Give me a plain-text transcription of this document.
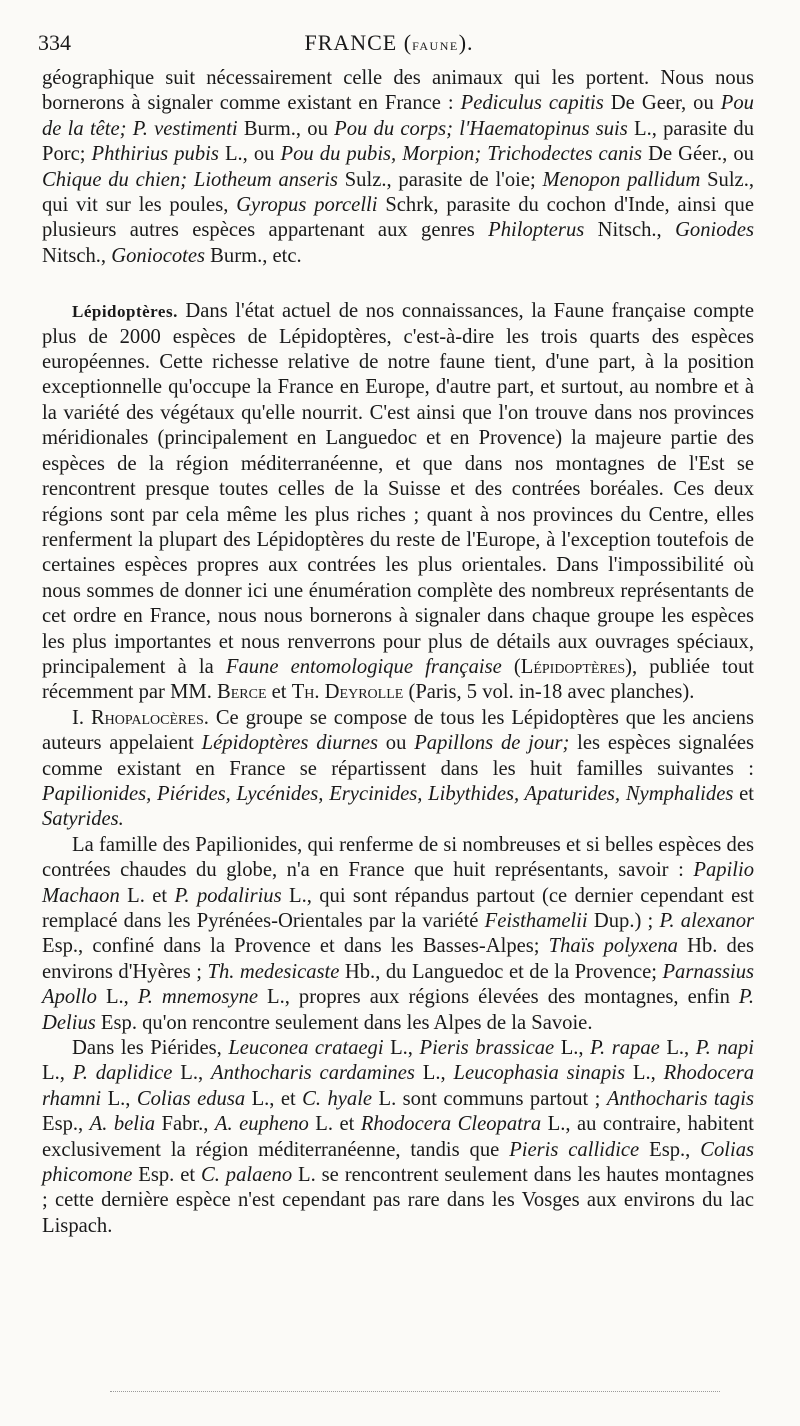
334	FRANCE (faune).

géographique suit nécessairement celle des animaux qui les portent. Nous nous bornerons à signaler comme existant en France : Pediculus capitis De Geer, ou Pou de la tête; P. vestimenti Burm., ou Pou du corps; l'Haematopinus suis L., parasite du Porc; Phthirius pubis L., ou Pou du pubis, Morpion; Trichodectes canis De Géer., ou Chique du chien; Liotheum anseris Sulz., parasite de l'oie; Menopon pallidum Sulz., qui vit sur les poules, Gyropus porcelli Schrk, parasite du cochon d'Inde, ainsi que plusieurs autres espèces appartenant aux genres Philopterus Nitsch., Goniodes Nitsch., Goniocotes Burm., etc.

Lépidoptères. Dans l'état actuel de nos connaissances, la Faune française compte plus de 2000 espèces de Lépidoptères, c'est-à-dire les trois quarts des espèces européennes. Cette richesse relative de notre faune tient, d'une part, à la position exceptionnelle qu'occupe la France en Europe, d'autre part, et surtout, au nombre et à la variété des végétaux qu'elle nourrit. C'est ainsi que l'on trouve dans nos provinces méridionales (principalement en Languedoc et en Provence) la majeure partie des espèces de la région méditerranéenne, et que dans nos montagnes de l'Est se rencontrent presque toutes celles de la Suisse et des contrées boréales. Ces deux régions sont par cela même les plus riches ; quant à nos provinces du Centre, elles renferment la plupart des Lépidoptères du reste de l'Europe, à l'exception toutefois de certaines espèces propres aux contrées les plus orientales. Dans l'impossibilité où nous sommes de donner ici une énumération complète des nombreux représentants de cet ordre en France, nous nous bornerons à signaler dans chaque groupe les espèces les plus importantes et nous renverrons pour plus de détails aux ouvrages spéciaux, principalement à la Faune entomologique française (Lépidoptères), publiée tout récemment par MM. Berce et Th. Deyrolle (Paris, 5 vol. in-18 avec planches).

I. Rhopalocères. Ce groupe se compose de tous les Lépidoptères que les anciens auteurs appelaient Lépidoptères diurnes ou Papillons de jour; les espèces signalées comme existant en France se répartissent dans les huit familles suivantes : Papilionides, Piérides, Lycénides, Erycinides, Libythides, Apaturides, Nymphalides et Satyrides.

La famille des Papilionides, qui renferme de si nombreuses et si belles espèces des contrées chaudes du globe, n'a en France que huit représentants, savoir : Papilio Machaon L. et P. podalirius L., qui sont répandus partout (ce dernier cependant est remplacé dans les Pyrénées-Orientales par la variété Feisthamelii Dup.) ; P. alexanor Esp., confiné dans la Provence et dans les Basses-Alpes; Thaïs polyxena Hb. des environs d'Hyères ; Th. medesicaste Hb., du Languedoc et de la Provence; Parnassius Apollo L., P. mnemosyne L., propres aux régions élevées des montagnes, enfin P. Delius Esp. qu'on rencontre seulement dans les Alpes de la Savoie.

Dans les Piérides, Leuconea crataegi L., Pieris brassicae L., P. rapae L., P. napi L., P. daplidice L., Anthocharis cardamines L., Leucophasia sinapis L., Rhodocera rhamni L., Colias edusa L., et C. hyale L. sont communs partout ; Anthocharis tagis Esp., A. belia Fabr., A. eupheno L. et Rhodocera Cleopatra L., au contraire, habitent exclusivement la région méditerranéenne, tandis que Pieris callidice Esp., Colias phicomone Esp. et C. palaeno L. se rencontrent seulement dans les hautes montagnes ; cette dernière espèce n'est cependant pas rare dans les Vosges aux environs du lac Lispach.
